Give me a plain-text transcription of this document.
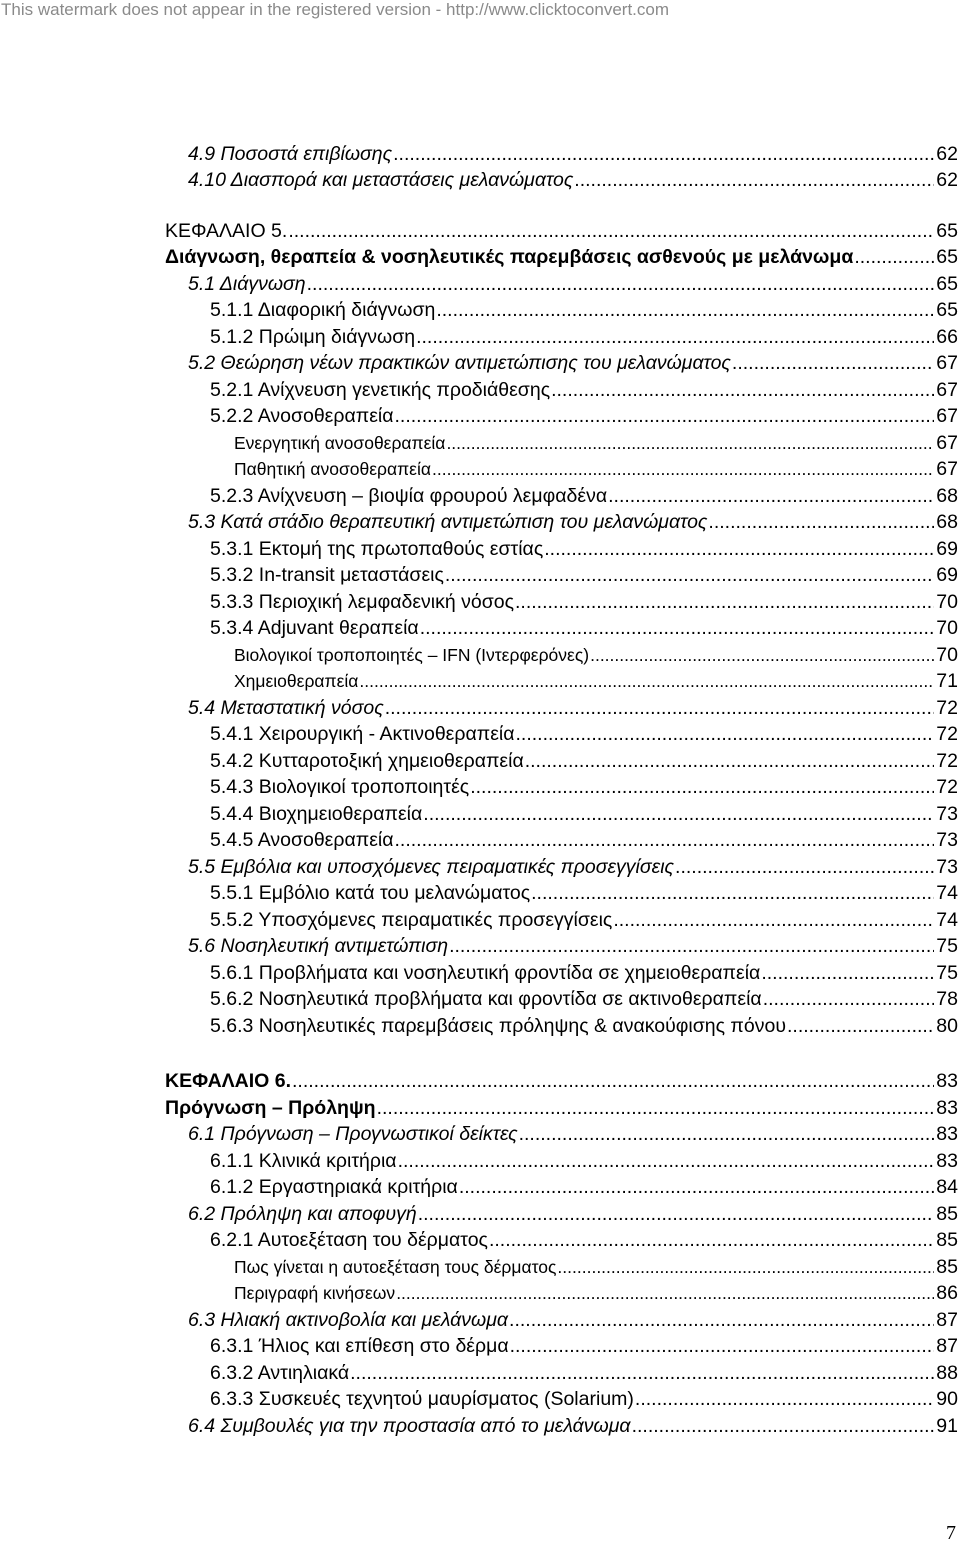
This watermark does not appear in the registered version - http://www.clicktoconvert.com
4.9 Ποσοστά επιβίωσης .....	62
4.10 Διασπορά και μεταστάσεις μελανώματος .....	62
ΚΕΦΑΛΑΙΟ 5. .....	65
Διάγνωση, θεραπεία & νοσηλευτικές παρεμβάσεις ασθενούς με μελάνωμα .....	65
5.1 Διάγνωση .....	65
5.1.1 Διαφορική διάγνωση .....	65
5.1.2 Πρώιμη διάγνωση .....	66
5.2 Θεώρηση νέων πρακτικών αντιμετώπισης του μελανώματος .....	67
5.2.1 Ανίχνευση γενετικής προδιάθεσης .....	67
5.2.2 Ανοσοθεραπεία .....	67
Ενεργητική ανοσοθεραπεία .....	67
Παθητική ανοσοθεραπεία .....	67
5.2.3 Ανίχνευση – βιοψία φρουρού λεμφαδένα .....	68
5.3 Κατά στάδιο θεραπευτική αντιμετώπιση του μελανώματος .....	68
5.3.1 Εκτομή της πρωτοπαθούς εστίας .....	69
5.3.2 In-transit μεταστάσεις .....	69
5.3.3 Περιοχική λεμφαδενική νόσος .....	70
5.3.4 Adjuvant θεραπεία .....	70
Βιολογικοί τροποποιητές – IFN (Ιντερφερόνες) .....	70
Χημειοθεραπεία .....	71
5.4 Μεταστατική νόσος .....	72
5.4.1 Χειρουργική - Ακτινοθεραπεία .....	72
5.4.2 Κυτταροτοξική χημειοθεραπεία .....	72
5.4.3 Βιολογικοί τροποποιητές .....	72
5.4.4 Βιοχημειοθεραπεία .....	73
5.4.5 Ανοσοθεραπεία .....	73
5.5 Εμβόλια και υποσχόμενες πειραματικές προσεγγίσεις .....	73
5.5.1 Εμβόλιο κατά του μελανώματος .....	74
5.5.2 Υποσχόμενες πειραματικές προσεγγίσεις .....	74
5.6 Νοσηλευτική αντιμετώπιση .....	75
5.6.1 Προβλήματα και νοσηλευτική φροντίδα σε χημειοθεραπεία .....	75
5.6.2 Νοσηλευτικά προβλήματα και φροντίδα σε ακτινοθεραπεία .....	78
5.6.3 Νοσηλευτικές παρεμβάσεις πρόληψης & ανακούφισης πόνου .....	80
ΚΕΦΑΛΑΙΟ 6. .....	83
Πρόγνωση – Πρόληψη .....	83
6.1 Πρόγνωση – Προγνωστικοί δείκτες .....	83
6.1.1 Κλινικά κριτήρια .....	83
6.1.2 Εργαστηριακά κριτήρια .....	84
6.2 Πρόληψη και αποφυγή .....	85
6.2.1 Αυτοεξέταση του δέρματος .....	85
Πως γίνεται η αυτοεξέταση τους δέρματος .....	85
Περιγραφή κινήσεων .....	86
6.3 Ηλιακή ακτινοβολία και μελάνωμα .....	87
6.3.1 Ήλιος και επίθεση στο δέρμα .....	87
6.3.2 Αντιηλιακά .....	88
6.3.3 Συσκευές τεχνητού μαυρίσματος (Solarium) .....	90
6.4 Συμβουλές για την προστασία από το μελάνωμα .....	91
7
